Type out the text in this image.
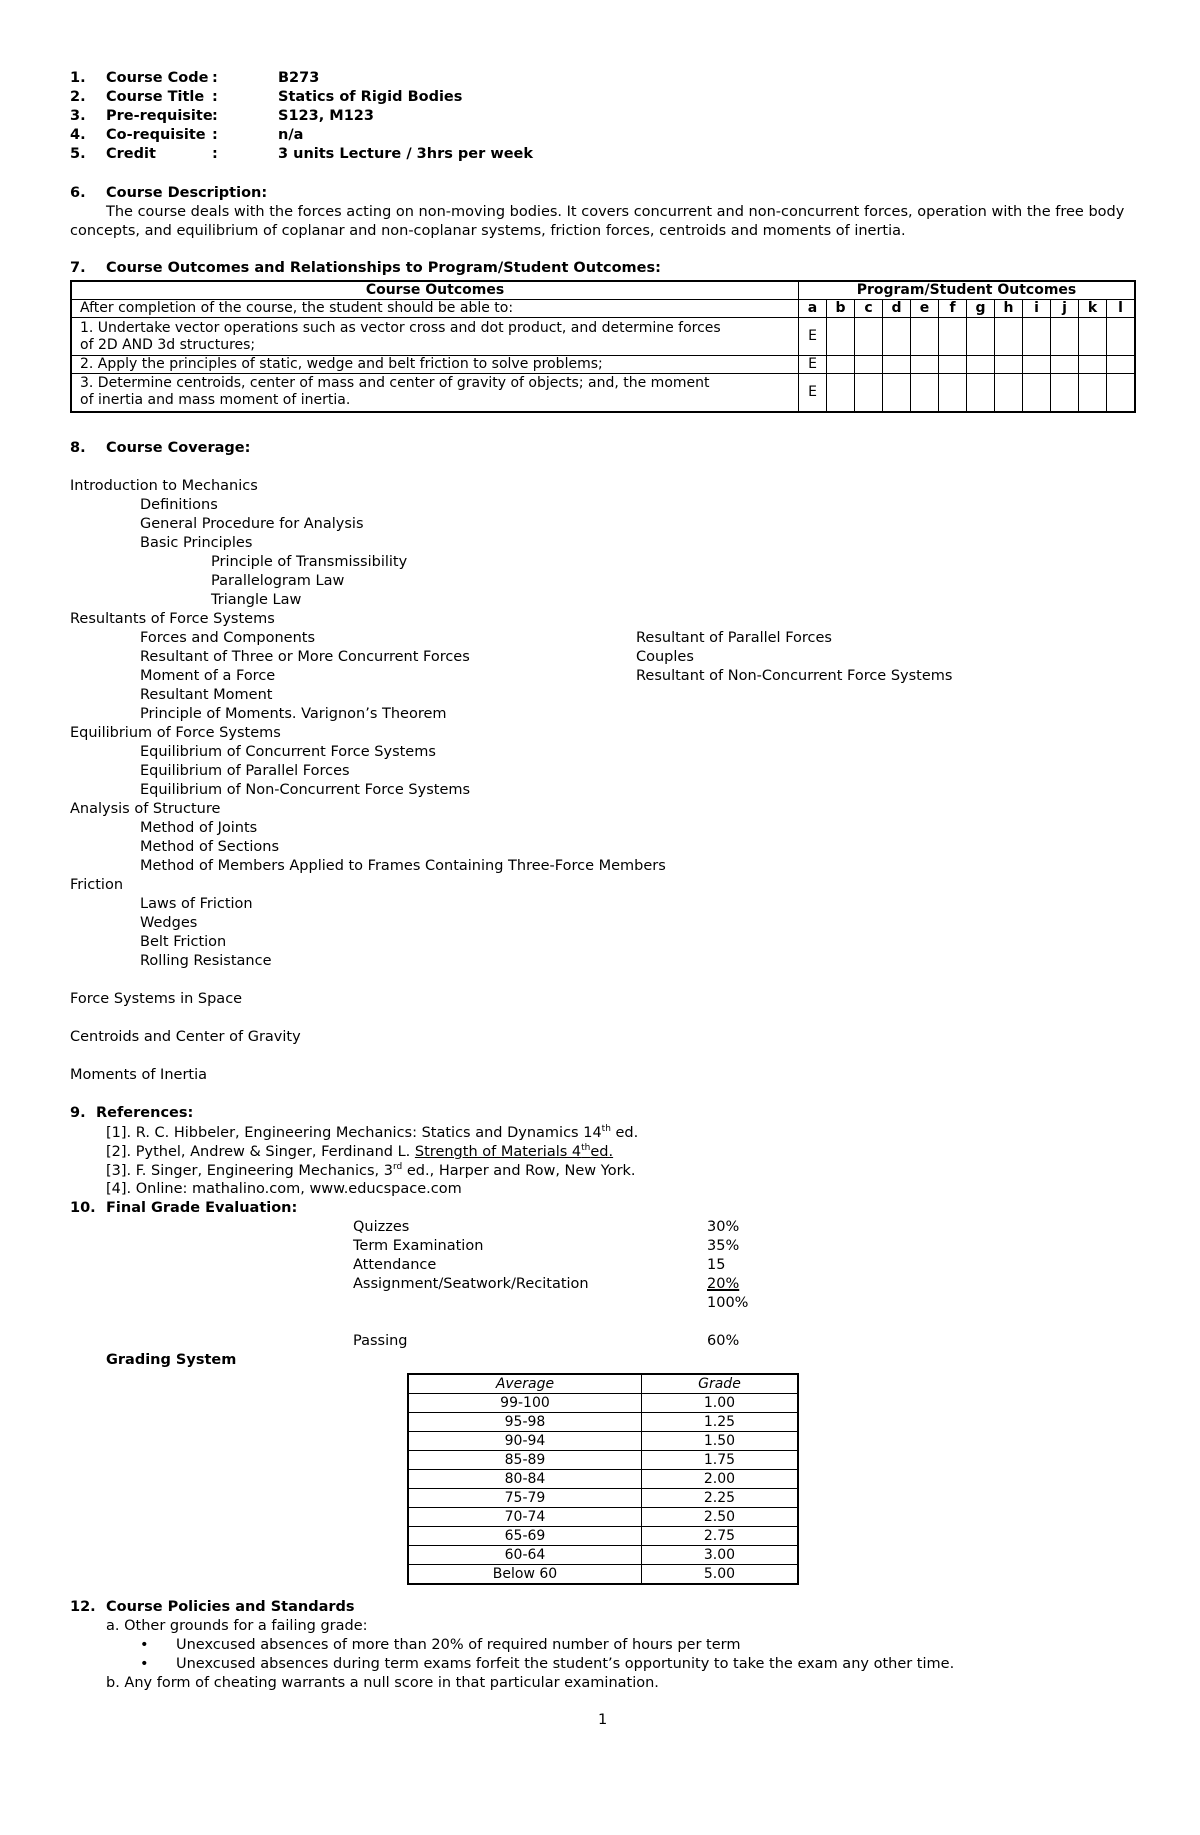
1. Course Code :	B273
2. Course Title :	Statics of Rigid Bodies
3. Pre-requisite:	S123, M123
4. Co-requisite :	n/a
5. Credit	:	3 units Lecture / 3hrs per week
6. Course Description:
The course deals with the forces acting on non-moving bodies. It covers concurrent and non-concurrent forces, operation with the free body
concepts, and equilibrium of coplanar and non-coplanar systems, friction forces, centroids and moments of inertia.
7. Course Outcomes and Relationships to Program/Student Outcomes:
Course Outcomes	Program/Student Outcomes											
After completion of the course, the student should be able to:	a	b	c	d	e	f	g	h	i	j	k	l

1. Undertake vector operations such as vector cross and dot product, and determine forces
of 2D AND 3d structures;	E											

2. Apply the principles of static, wedge and belt friction to solve problems;	E											

3. Determine centroids, center of mass and center of gravity of objects; and, the moment
of inertia and mass moment of inertia.	E											
8. Course Coverage:
Introduction to Mechanics
Definitions
General Procedure for Analysis
Basic Principles
Principle of Transmissibility
Parallelogram Law
Triangle Law
Resultants of Force Systems
Forces and Components
Resultant of Three or More Concurrent Forces
Moment of a Force
Resultant Moment
Principle of Moments. Varignon’s Theorem
Resultant of Parallel Forces
Couples
Resultant of Non-Concurrent Force Systems
Equilibrium of Force Systems
Equilibrium of Concurrent Force Systems
Equilibrium of Parallel Forces
Equilibrium of Non-Concurrent Force Systems
Analysis of Structure
Method of Joints
Method of Sections
Method of Members Applied to Frames Containing Three-Force Members
Friction
Laws of Friction
Wedges
Belt Friction
Rolling Resistance
Force Systems in Space
Centroids and Center of Gravity
Moments of Inertia
9. References:
[1]. R. C. Hibbeler, Engineering Mechanics: Statics and Dynamics 14th ed.
[2]. Pythel, Andrew & Singer, Ferdinand L. Strength of Materials 4thed.
[3]. F. Singer, Engineering Mechanics, 3rd ed., Harper and Row, New York.
[4]. Online: mathalino.com, www.educspace.com
10. Final Grade Evaluation:
Quizzes	30%
Term Examination	35%
Attendance	15
Assignment/Seatwork/Recitation	20%
100%
Passing	60%
Grading System
Average	Grade
99-100	1.00
95-98	1.25
90-94	1.50
85-89	1.75
80-84	2.00
75-79	2.25
70-74	2.50
65-69	2.75
60-64	3.00
Below 60	5.00
12. Course Policies and Standards
a. Other grounds for a failing grade:
• Unexcused absences of more than 20% of required number of hours per term
• Unexcused absences during term exams forfeit the student’s opportunity to take the exam any other time.
b. Any form of cheating warrants a null score in that particular examination.
1
